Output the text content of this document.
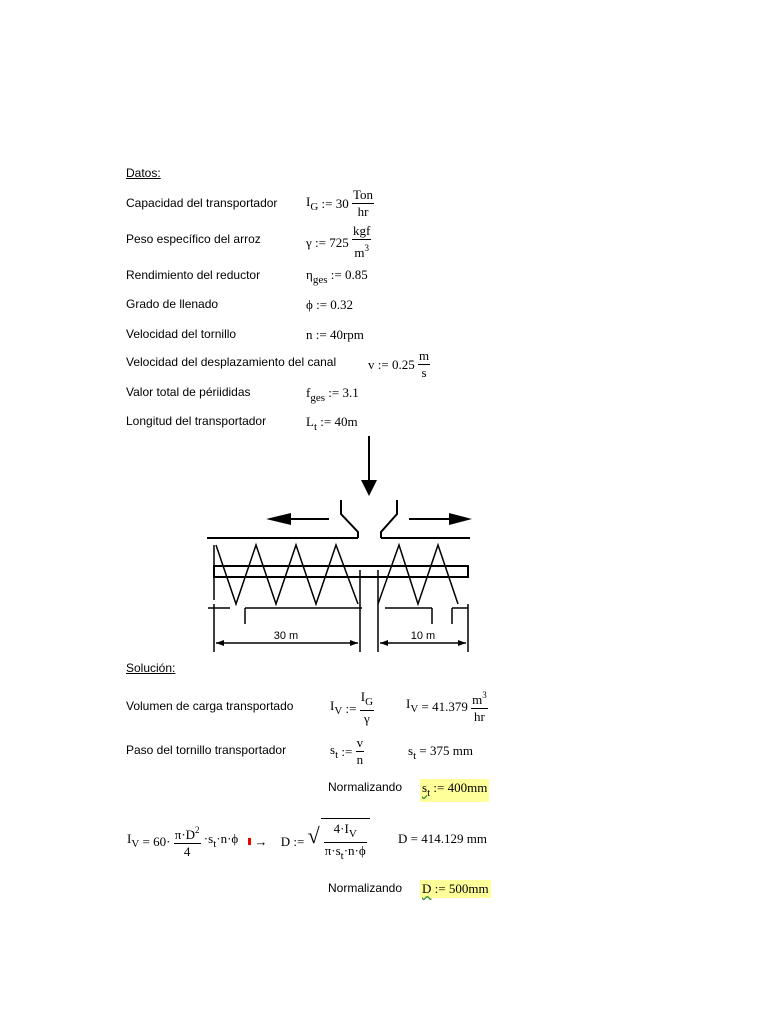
Datos:
Capacidad del transportador $I_G$ := $30 \frac{\text{Ton}}{hr}$
Peso específico del arroz	γ := $725 \frac{\text{kgf}}{m^3}$
Rendimiento del reductor	$\eta_{ges}$ := 0.85
Grado de llenado	ϕ := 0.32
Velocidad del tornillo	n := 40rpm
Velocidad del desplazamiento del canal v := $0.25 \frac{m}{s}$
Valor total de périididas	$f_{ges}$ := 3.1
Longitud del transportador	$L_t$ := 40m
30 m	10 m
Solución:
Volumen de carga transportado	$I_V$ := $\frac{I_G}{\gamma} I_V = 41.379 \frac{m^3}{hr}$
Paso del tornillo transportador	$s_t$ := $\frac{v}{n}$	$s_t = 375$ mm
Normalizando $s_t$ := 400mm
$I_V = 60\cdot \frac{\pi\cdot D^2}{4} \cdot s_t\cdot n\cdot\phi \to D$ := √ $\frac{4\cdot I_V}{\pi\cdot s_t\cdot n\cdot\phi}$ D = 414.129 mm
Normalizando D := 500mm
